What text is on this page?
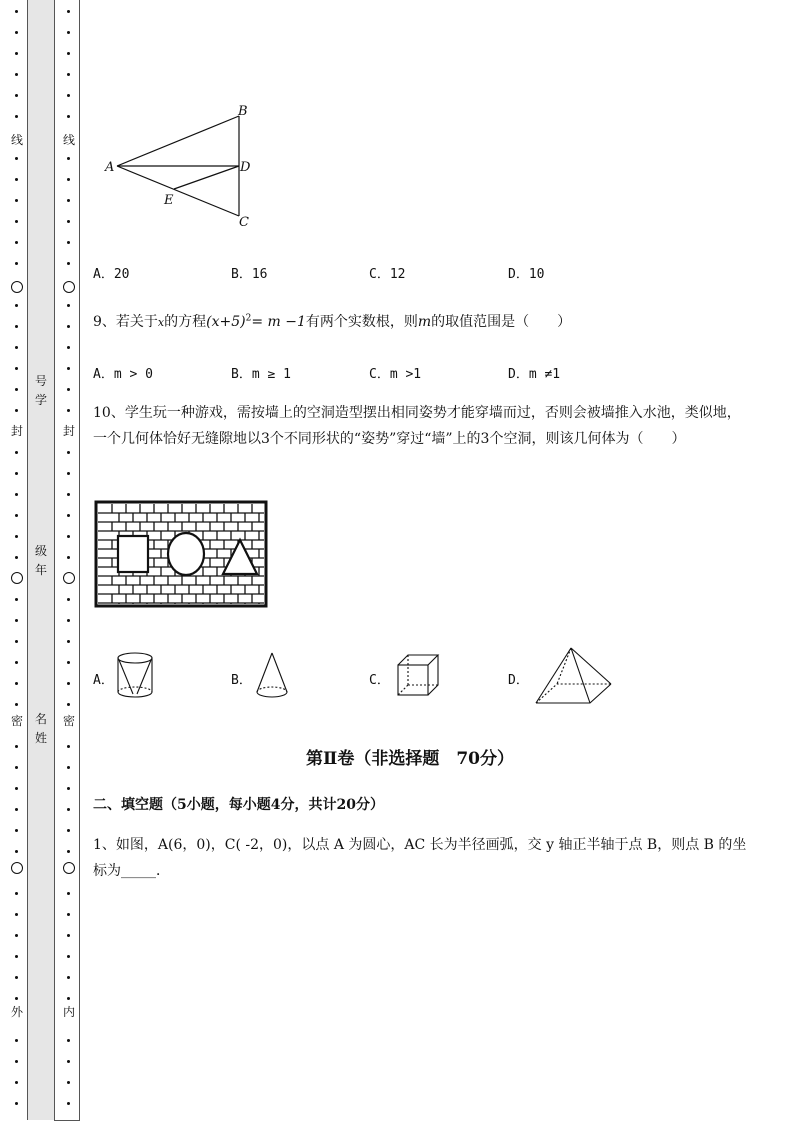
线
封
密
外
号
学
级
年
名
姓
线
封
密
内
A
B
C
D
E
A．20	B．16	C．12	D．10
9、若关于x的方程$(x+5)^2= m -1$有两个实数根，则m的取值范围是（　　）
A．m > 0	B．m ≥ 1	C．m >1	D．m ≠1
10、学生玩一种游戏，需按墙上的空洞造型摆出相同姿势才能穿墙而过，否则会被墙推入水池，类似地，一个几何体恰好无缝隙地以3个不同形状的“姿势”穿过“墙”上的3个空洞，则该几何体为（　　）
A．	B．	C．	D．
第Ⅱ卷（非选择题　70分）
二、填空题（5小题，每小题4分，共计20分）
1、如图，A(6，0)，C( -2，0)，以点 A 为圆心，AC 长为半径画弧，交 y 轴正半轴于点 B，则点 B 的坐标为_____．
